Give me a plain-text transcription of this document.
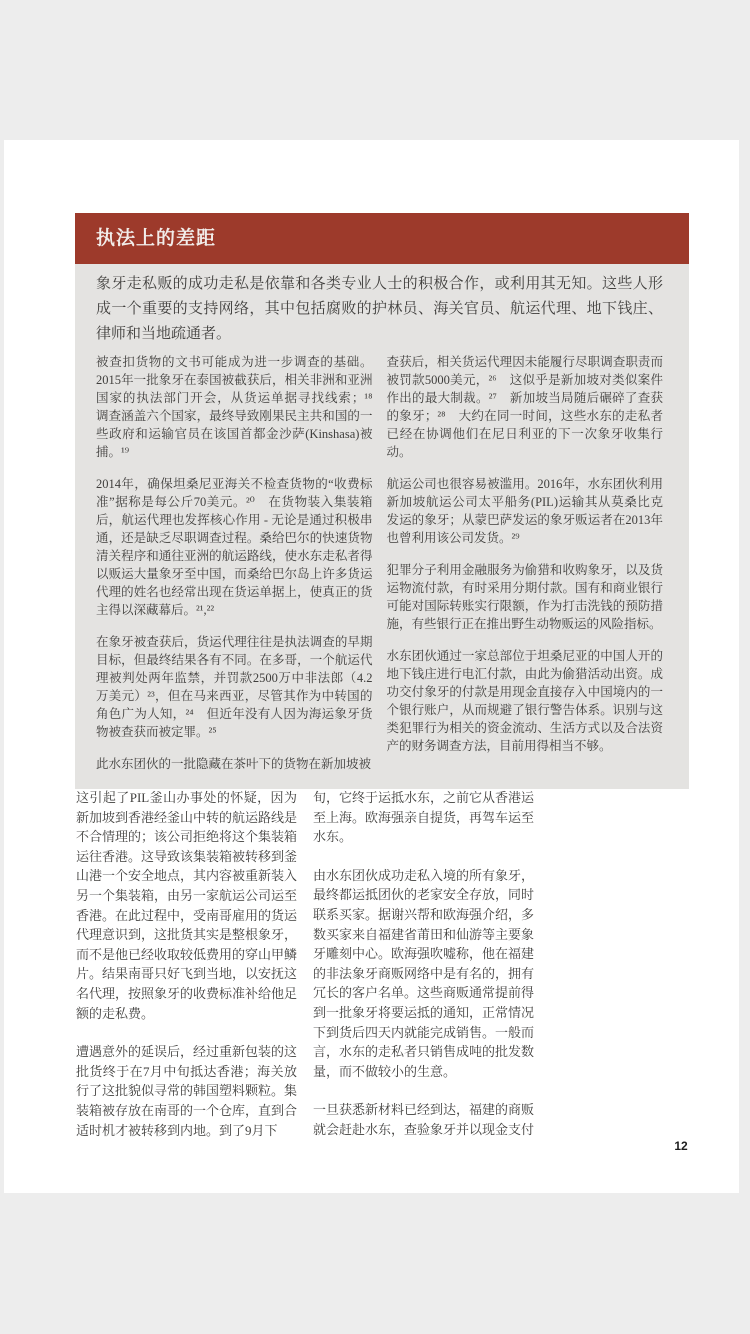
执法上的差距

象牙走私贩的成功走私是依靠和各类专业人士的积极合作，或利用其无知。这些人形成一个重要的支持网络，其中包括腐败的护林员、海关官员、航运代理、地下钱庄、律师和当地疏通者。

被查扣货物的文书可能成为进一步调查的基础。2015年一批象牙在泰国被截获后，相关非洲和亚洲国家的执法部门开会，从货运单据寻找线索；¹⁸　调查涵盖六个国家，最终导致刚果民主共和国的一些政府和运输官员在该国首都金沙萨(Kinshasa)被捕。¹⁹

2014年，确保坦桑尼亚海关不检查货物的“收费标准”据称是每公斤70美元。²⁰　在货物装入集装箱后，航运代理也发挥核心作用 - 无论是通过积极串通，还是缺乏尽职调查过程。桑给巴尔的快速货物清关程序和通往亚洲的航运路线，使水东走私者得以贩运大量象牙至中国，而桑给巴尔岛上许多货运代理的姓名也经常出现在货运单据上，使真正的货主得以深藏幕后。²¹,²²

在象牙被查获后，货运代理往往是执法调查的早期目标，但最终结果各有不同。在多哥，一个航运代理被判处两年监禁，并罚款2500万中非法郎（4.2万美元）²³，但在马来西亚，尽管其作为中转国的角色广为人知，²⁴　但近年没有人因为海运象牙货物被查获而被定罪。²⁵

此水东团伙的一批隐藏在茶叶下的货物在新加坡被

查获后，相关货运代理因未能履行尽职调查职责而被罚款5000美元，²⁶　这似乎是新加坡对类似案件作出的最大制裁。²⁷　新加坡当局随后碾碎了查获的象牙；²⁸　大约在同一时间，这些水东的走私者已经在协调他们在尼日利亚的下一次象牙收集行动。

航运公司也很容易被滥用。2016年，水东团伙利用新加坡航运公司太平船务(PIL)运输其从莫桑比克发运的象牙；从蒙巴萨发运的象牙贩运者在2013年也曾利用该公司发货。²⁹

犯罪分子利用金融服务为偷猎和收购象牙，以及货运物流付款，有时采用分期付款。国有和商业银行可能对国际转账实行限额，作为打击洗钱的预防措施，有些银行正在推出野生动物贩运的风险指标。

水东团伙通过一家总部位于坦桑尼亚的中国人开的地下钱庄进行电汇付款，由此为偷猎活动出资。成功交付象牙的付款是用现金直接存入中国境内的一个银行账户，从而规避了银行警告体系。识别与这类犯罪行为相关的资金流动、生活方式以及合法资产的财务调查方法，目前用得相当不够。

这引起了PIL釜山办事处的怀疑，因为新加坡到香港经釜山中转的航运路线是不合情理的；该公司拒绝将这个集装箱运往香港。这导致该集装箱被转移到釜山港一个安全地点，其内容被重新装入另一个集装箱，由另一家航运公司运至香港。在此过程中，受南哥雇用的货运代理意识到，这批货其实是整根象牙，而不是他已经收取较低费用的穿山甲鳞片。结果南哥只好飞到当地，以安抚这名代理，按照象牙的收费标准补给他足额的走私费。

遭遇意外的延误后，经过重新包装的这批货终于在7月中旬抵达香港；海关放行了这批貌似寻常的韩国塑料颗粒。集装箱被存放在南哥的一个仓库，直到合适时机才被转移到内地。到了9月下

旬，它终于运抵水东，之前它从香港运至上海。欧海强亲自提货，再驾车运至水东。

由水东团伙成功走私入境的所有象牙，最终都运抵团伙的老家安全存放，同时联系买家。据谢兴帮和欧海强介绍，多数买家来自福建省莆田和仙游等主要象牙雕刻中心。欧海强吹嘘称，他在福建的非法象牙商贩网络中是有名的，拥有冗长的客户名单。这些商贩通常提前得到一批象牙将要运抵的通知，正常情况下到货后四天内就能完成销售。一般而言，水东的走私者只销售成吨的批发数量，而不做较小的生意。

一旦获悉新材料已经到达，福建的商贩就会赶赴水东，查验象牙并以现金支付

12
